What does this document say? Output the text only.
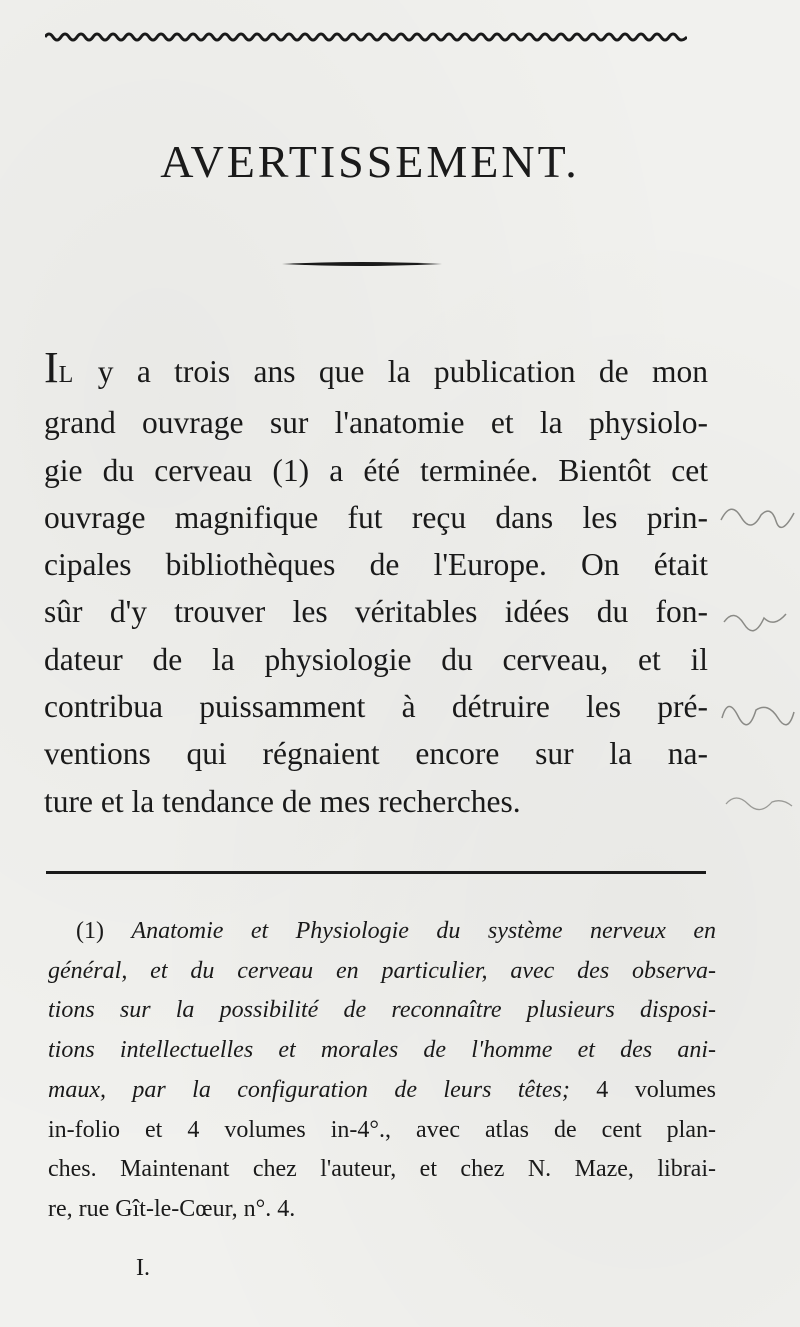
AVERTISSEMENT.
IL y a trois ans que la publication de mon
grand ouvrage sur l'anatomie et la physiolo-
gie du cerveau (1) a été terminée. Bientôt cet
ouvrage magnifique fut reçu dans les prin-
cipales bibliothèques de l'Europe. On était
sûr d'y trouver les véritables idées du fon-
dateur de la physiologie du cerveau, et il
contribua puissamment à détruire les pré-
ventions qui régnaient encore sur la na-
ture et la tendance de mes recherches.
(1) Anatomie et Physiologie du système nerveux en
général, et du cerveau en particulier, avec des observa-
tions sur la possibilité de reconnaître plusieurs disposi-
tions intellectuelles et morales de l'homme et des ani-
maux, par la configuration de leurs têtes; 4 volumes
in-folio et 4 volumes in-4°., avec atlas de cent plan-
ches. Maintenant chez l'auteur, et chez N. Maze, librai-
re, rue Gît-le-Cœur, n°. 4.
I.
